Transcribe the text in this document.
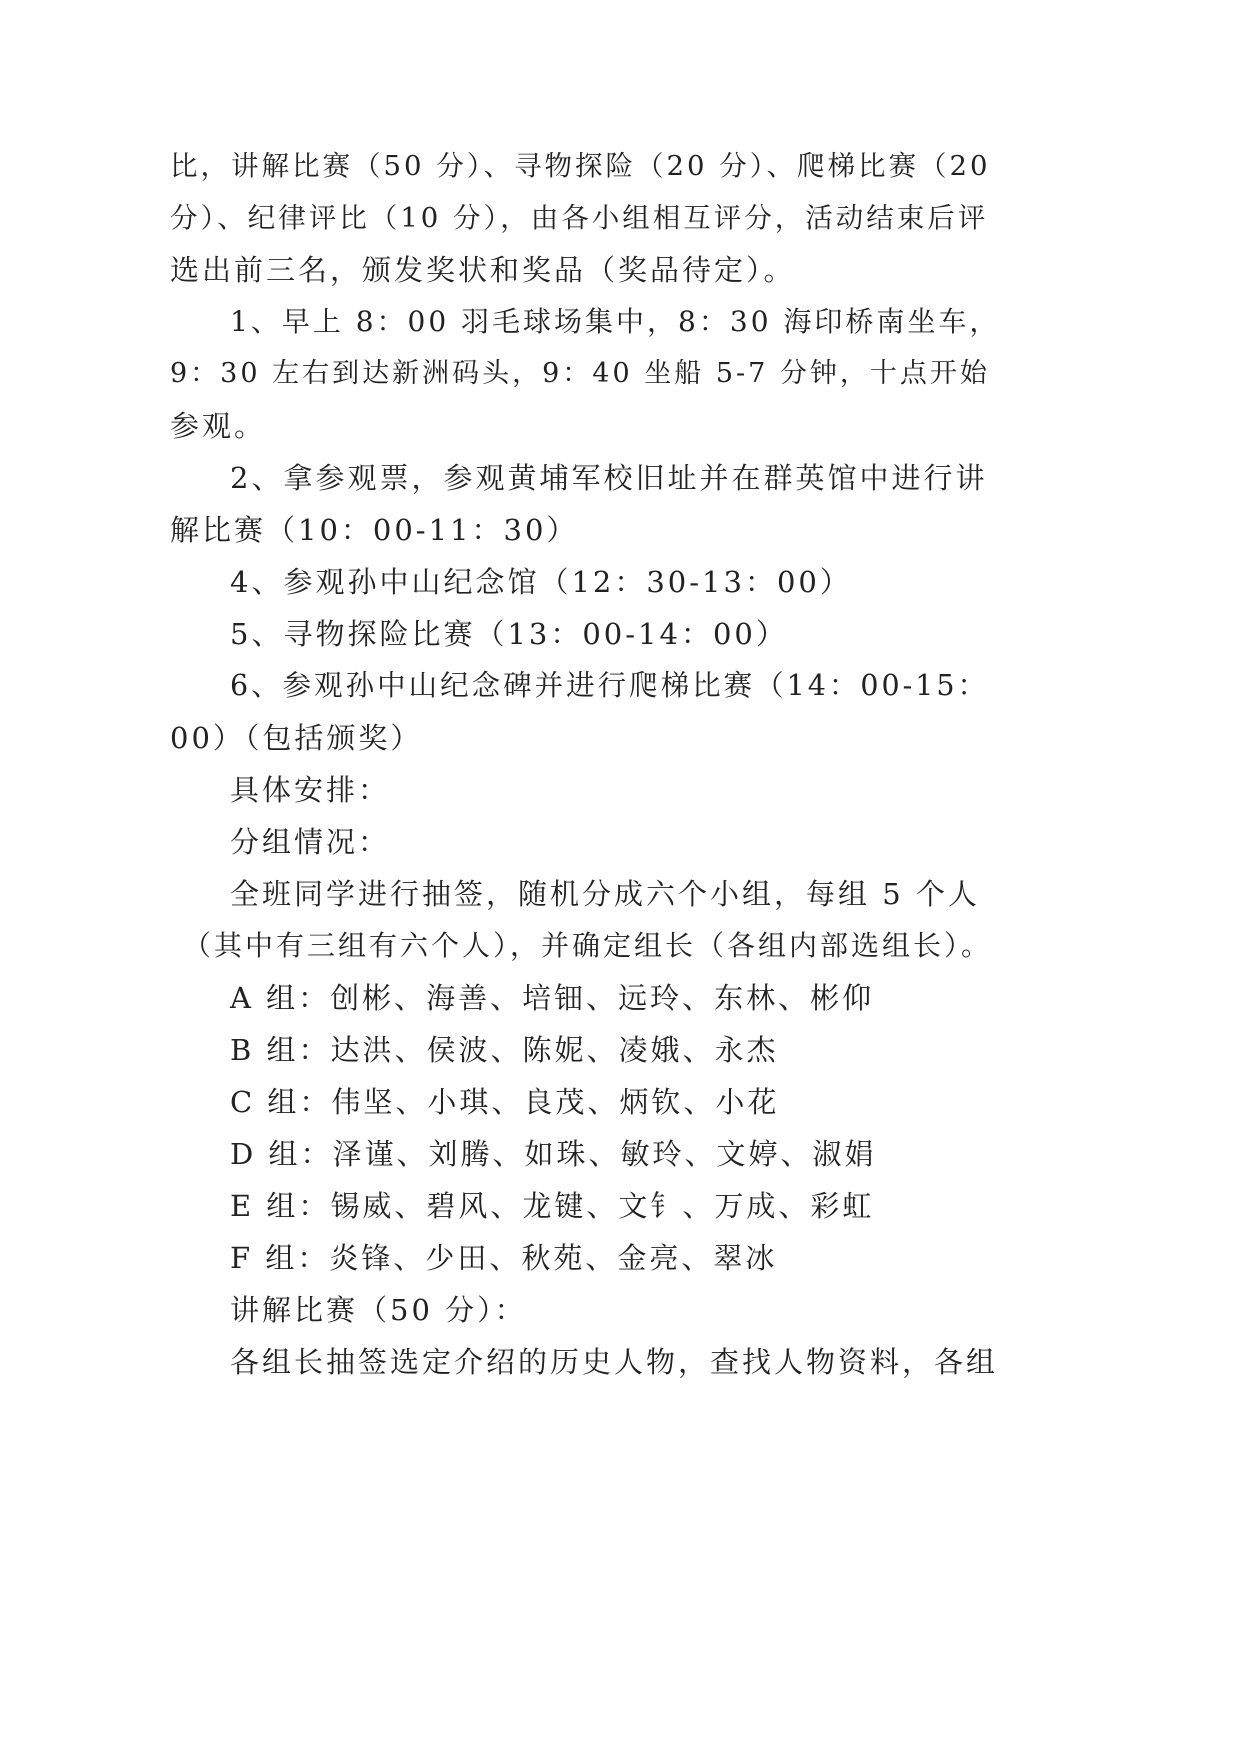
比，讲解比赛（50 分）、寻物探险（20 分）、爬梯比赛（20
分）、纪律评比（10 分），由各小组相互评分，活动结束后评
选出前三名，颁发奖状和奖品（奖品待定）。
1、早上 8：00 羽毛球场集中，8：30 海印桥南坐车，
9：30 左右到达新洲码头，9：40 坐船 5-7 分钟，十点开始
参观。
2、拿参观票，参观黄埔军校旧址并在群英馆中进行讲
解比赛（10：00-11：30）
4、参观孙中山纪念馆（12：30-13：00）
5、寻物探险比赛（13：00-14：00）
6、参观孙中山纪念碑并进行爬梯比赛（14：00-15：
00）（包括颁奖）
具体安排：
分组情况：
全班同学进行抽签，随机分成六个小组，每组 5 个人
（其中有三组有六个人），并确定组长（各组内部选组长）。
A 组：创彬、海善、培钿、远玲、东林、彬仰
B 组：达洪、侯波、陈妮、凌娥、永杰
C 组：伟坚、小琪、良茂、炳钦、小花
D 组：泽谨、刘腾、如珠、敏玲、文婷、淑娟
E 组：锡威、碧风、龙键、文钅、万成、彩虹
F 组：炎锋、少田、秋苑、金亮、翠冰
讲解比赛（50 分）：
各组长抽签选定介绍的历史人物，查找人物资料，各组
